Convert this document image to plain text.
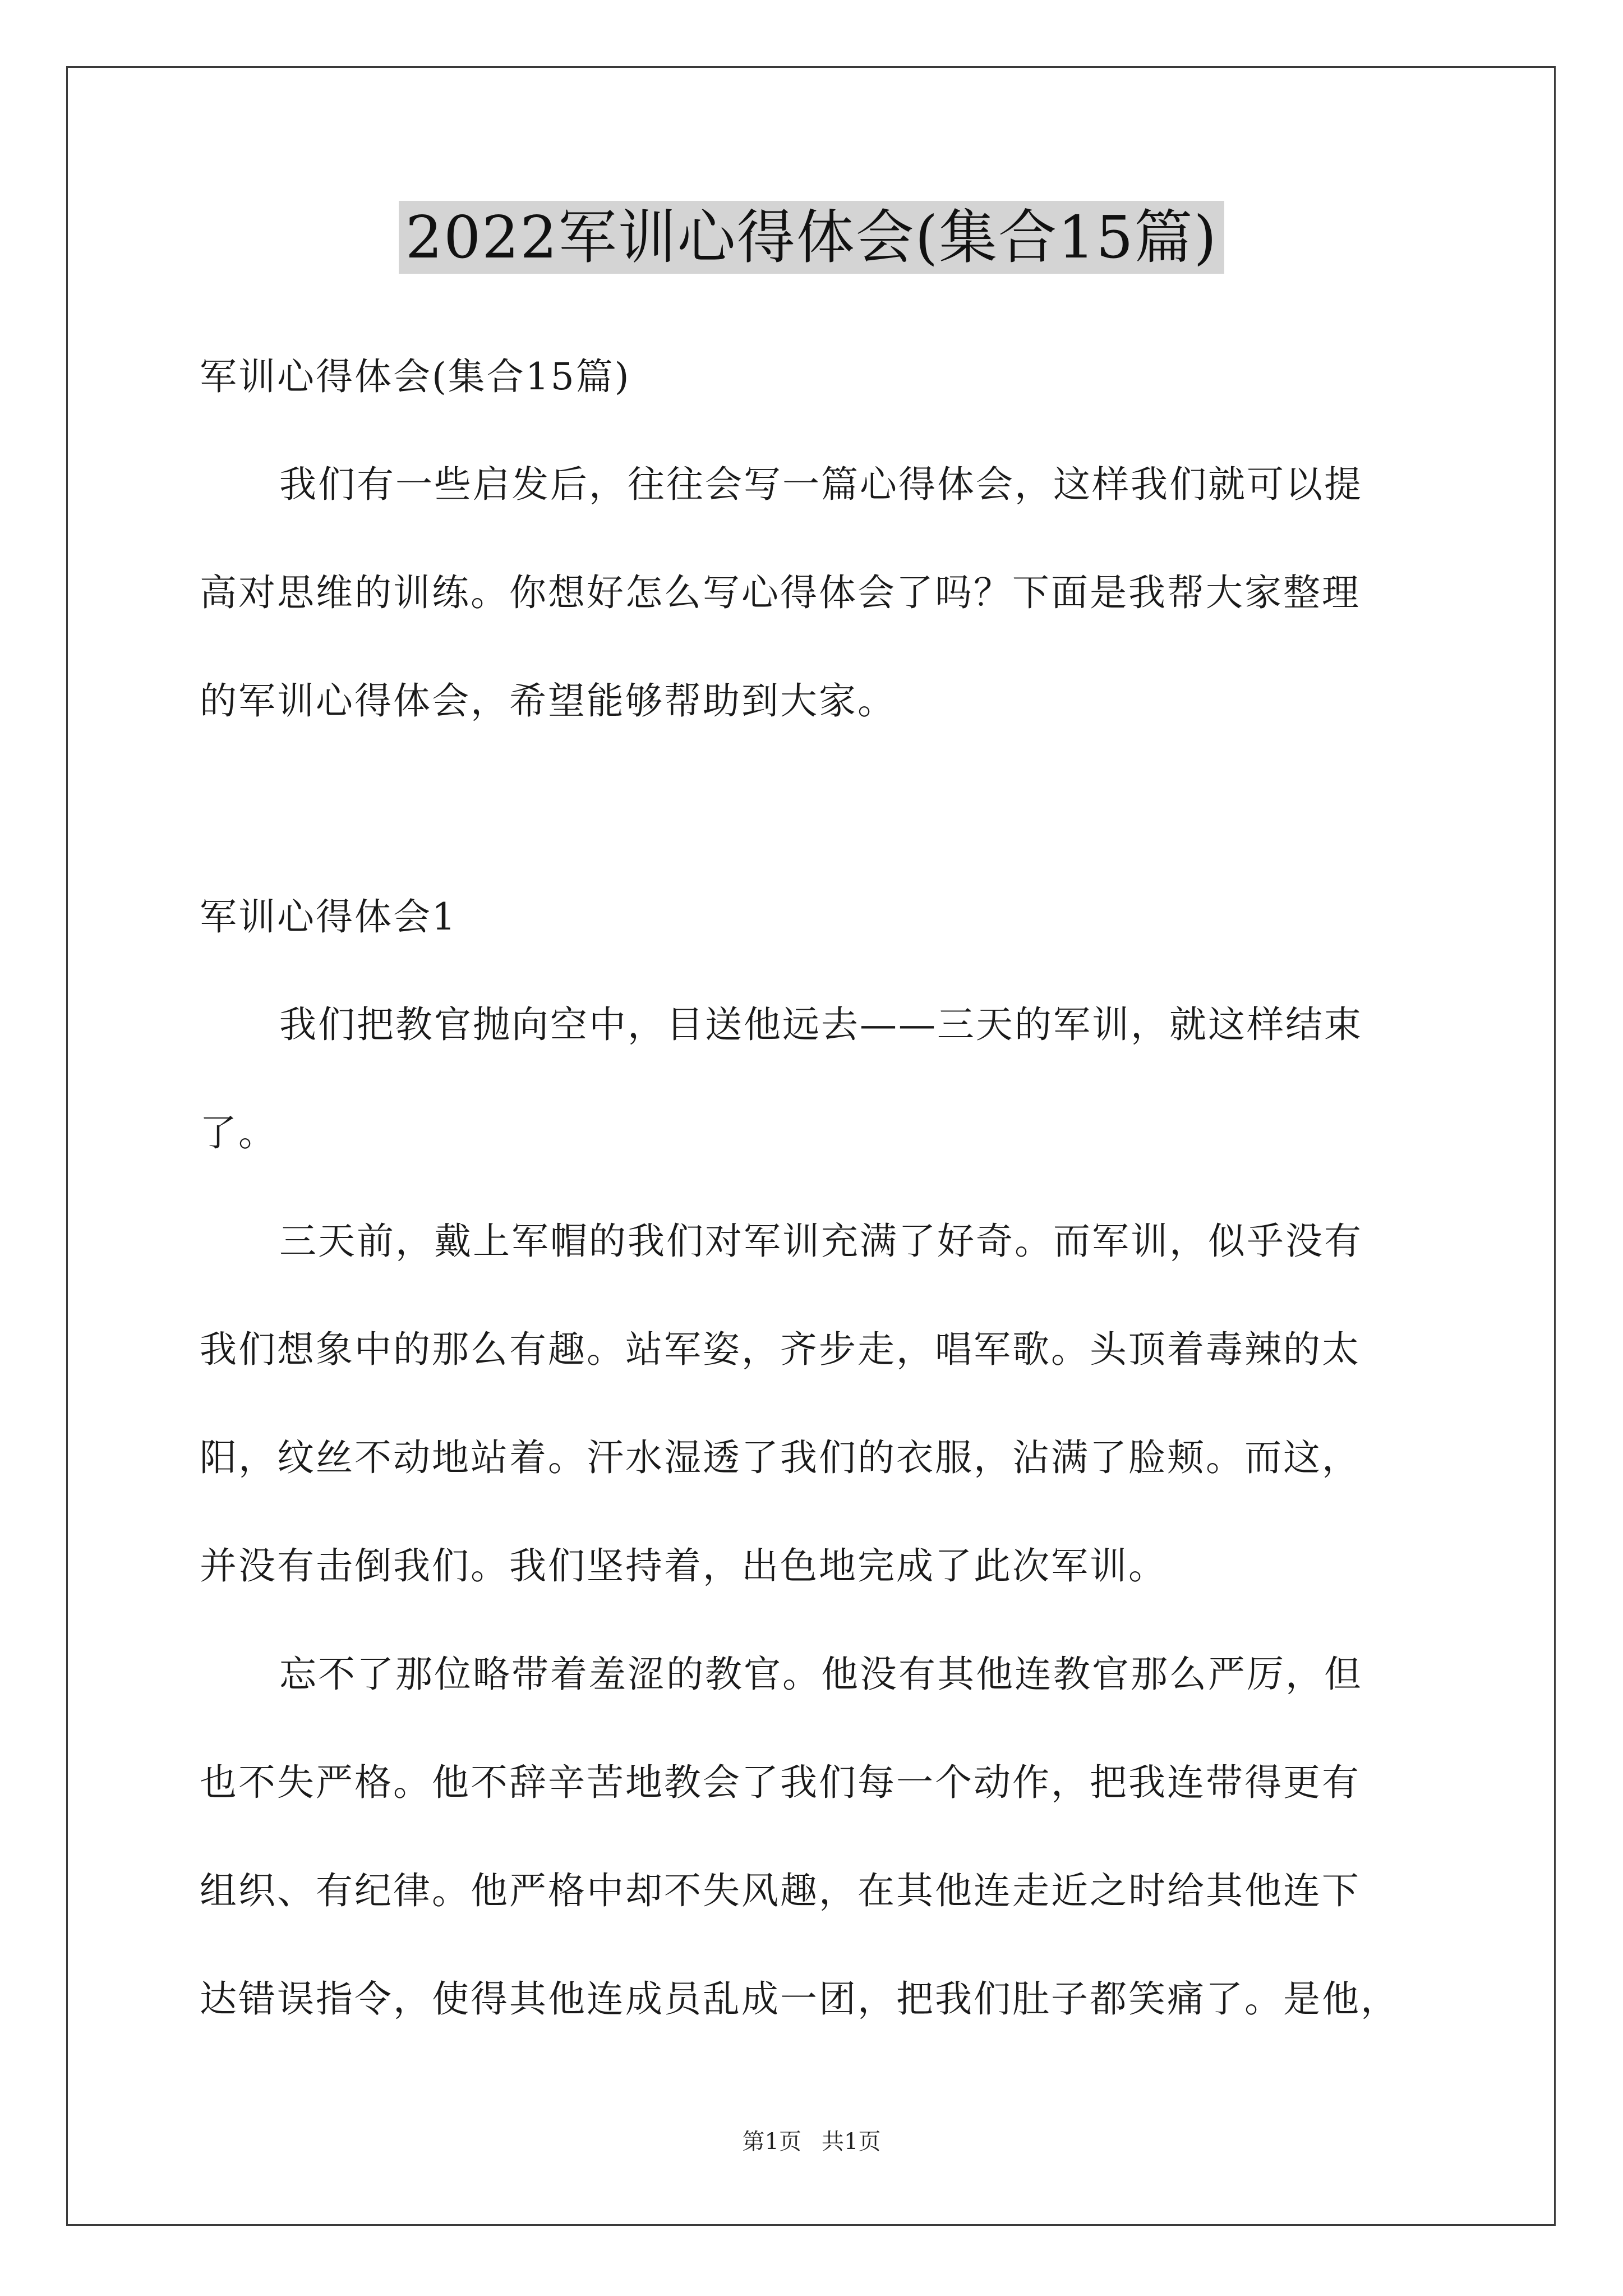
2022军训心得体会(集合15篇)
军训心得体会(集合15篇)
我们有一些启发后，往往会写一篇心得体会，这样我们就可以提
高对思维的训练。你想好怎么写心得体会了吗？下面是我帮大家整理
的军训心得体会，希望能够帮助到大家。
军训心得体会1
我们把教官抛向空中，目送他远去——三天的军训，就这样结束
了。
三天前，戴上军帽的我们对军训充满了好奇。而军训，似乎没有
我们想象中的那么有趣。站军姿，齐步走，唱军歌。头顶着毒辣的太
阳，纹丝不动地站着。汗水湿透了我们的衣服，沾满了脸颊。而这，
并没有击倒我们。我们坚持着，出色地完成了此次军训。
忘不了那位略带着羞涩的教官。他没有其他连教官那么严厉，但
也不失严格。他不辞辛苦地教会了我们每一个动作，把我连带得更有
组织、有纪律。他严格中却不失风趣，在其他连走近之时给其他连下
达错误指令，使得其他连成员乱成一团，把我们肚子都笑痛了。是他，
第1页 共1页
